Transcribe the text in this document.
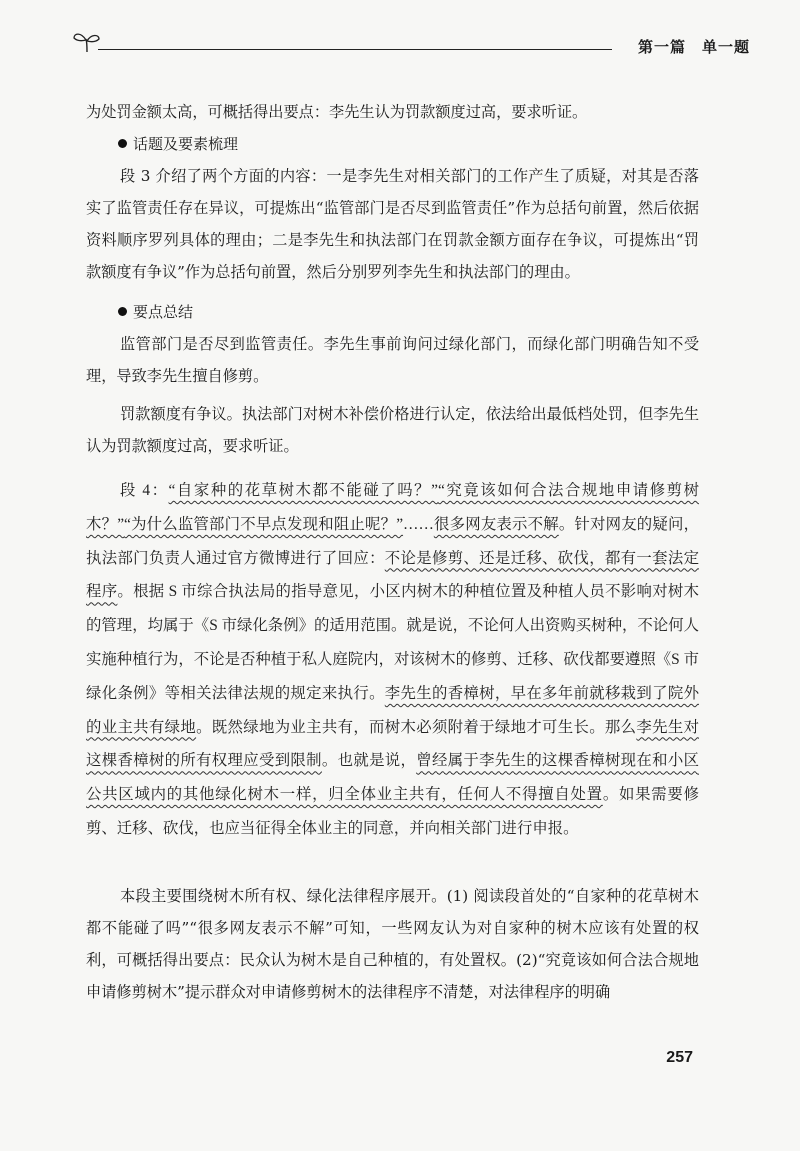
第一篇　单一题

为处罚金额太高，可概括得出要点：李先生认为罚款额度过高，要求听证。

话题及要素梳理

段 3 介绍了两个方面的内容：一是李先生对相关部门的工作产生了质疑，对其是否落实了监管责任存在异议，可提炼出“监管部门是否尽到监管责任”作为总括句前置，然后依据资料顺序罗列具体的理由；二是李先生和执法部门在罚款金额方面存在争议，可提炼出“罚款额度有争议”作为总括句前置，然后分别罗列李先生和执法部门的理由。

要点总结

监管部门是否尽到监管责任。李先生事前询问过绿化部门，而绿化部门明确告知不受理，导致李先生擅自修剪。

罚款额度有争议。执法部门对树木补偿价格进行认定，依法给出最低档处罚，但李先生认为罚款额度过高，要求听证。

段 4：“自家种的花草树木都不能碰了吗？”“究竟该如何合法合规地申请修剪树木？”“为什么监管部门不早点发现和阻止呢？”……很多网友表示不解。针对网友的疑问，执法部门负责人通过官方微博进行了回应：不论是修剪、还是迁移、砍伐，都有一套法定程序。根据 S 市综合执法局的指导意见，小区内树木的种植位置及种植人员不影响对树木的管理，均属于《S 市绿化条例》的适用范围。就是说，不论何人出资购买树种，不论何人实施种植行为，不论是否种植于私人庭院内，对该树木的修剪、迁移、砍伐都要遵照《S 市绿化条例》等相关法律法规的规定来执行。李先生的香樟树，早在多年前就移栽到了院外的业主共有绿地。既然绿地为业主共有，而树木必须附着于绿地才可生长。那么李先生对这棵香樟树的所有权理应受到限制。也就是说，曾经属于李先生的这棵香樟树现在和小区公共区域内的其他绿化树木一样，归全体业主共有，任何人不得擅自处置。如果需要修剪、迁移、砍伐，也应当征得全体业主的同意，并向相关部门进行申报。

本段主要围绕树木所有权、绿化法律程序展开。(1) 阅读段首处的“自家种的花草树木都不能碰了吗”“很多网友表示不解”可知，一些网友认为对自家种的树木应该有处置的权利，可概括得出要点：民众认为树木是自己种植的，有处置权。(2)“究竟该如何合法合规地申请修剪树木”提示群众对申请修剪树木的法律程序不清楚，对法律程序的明确

257
